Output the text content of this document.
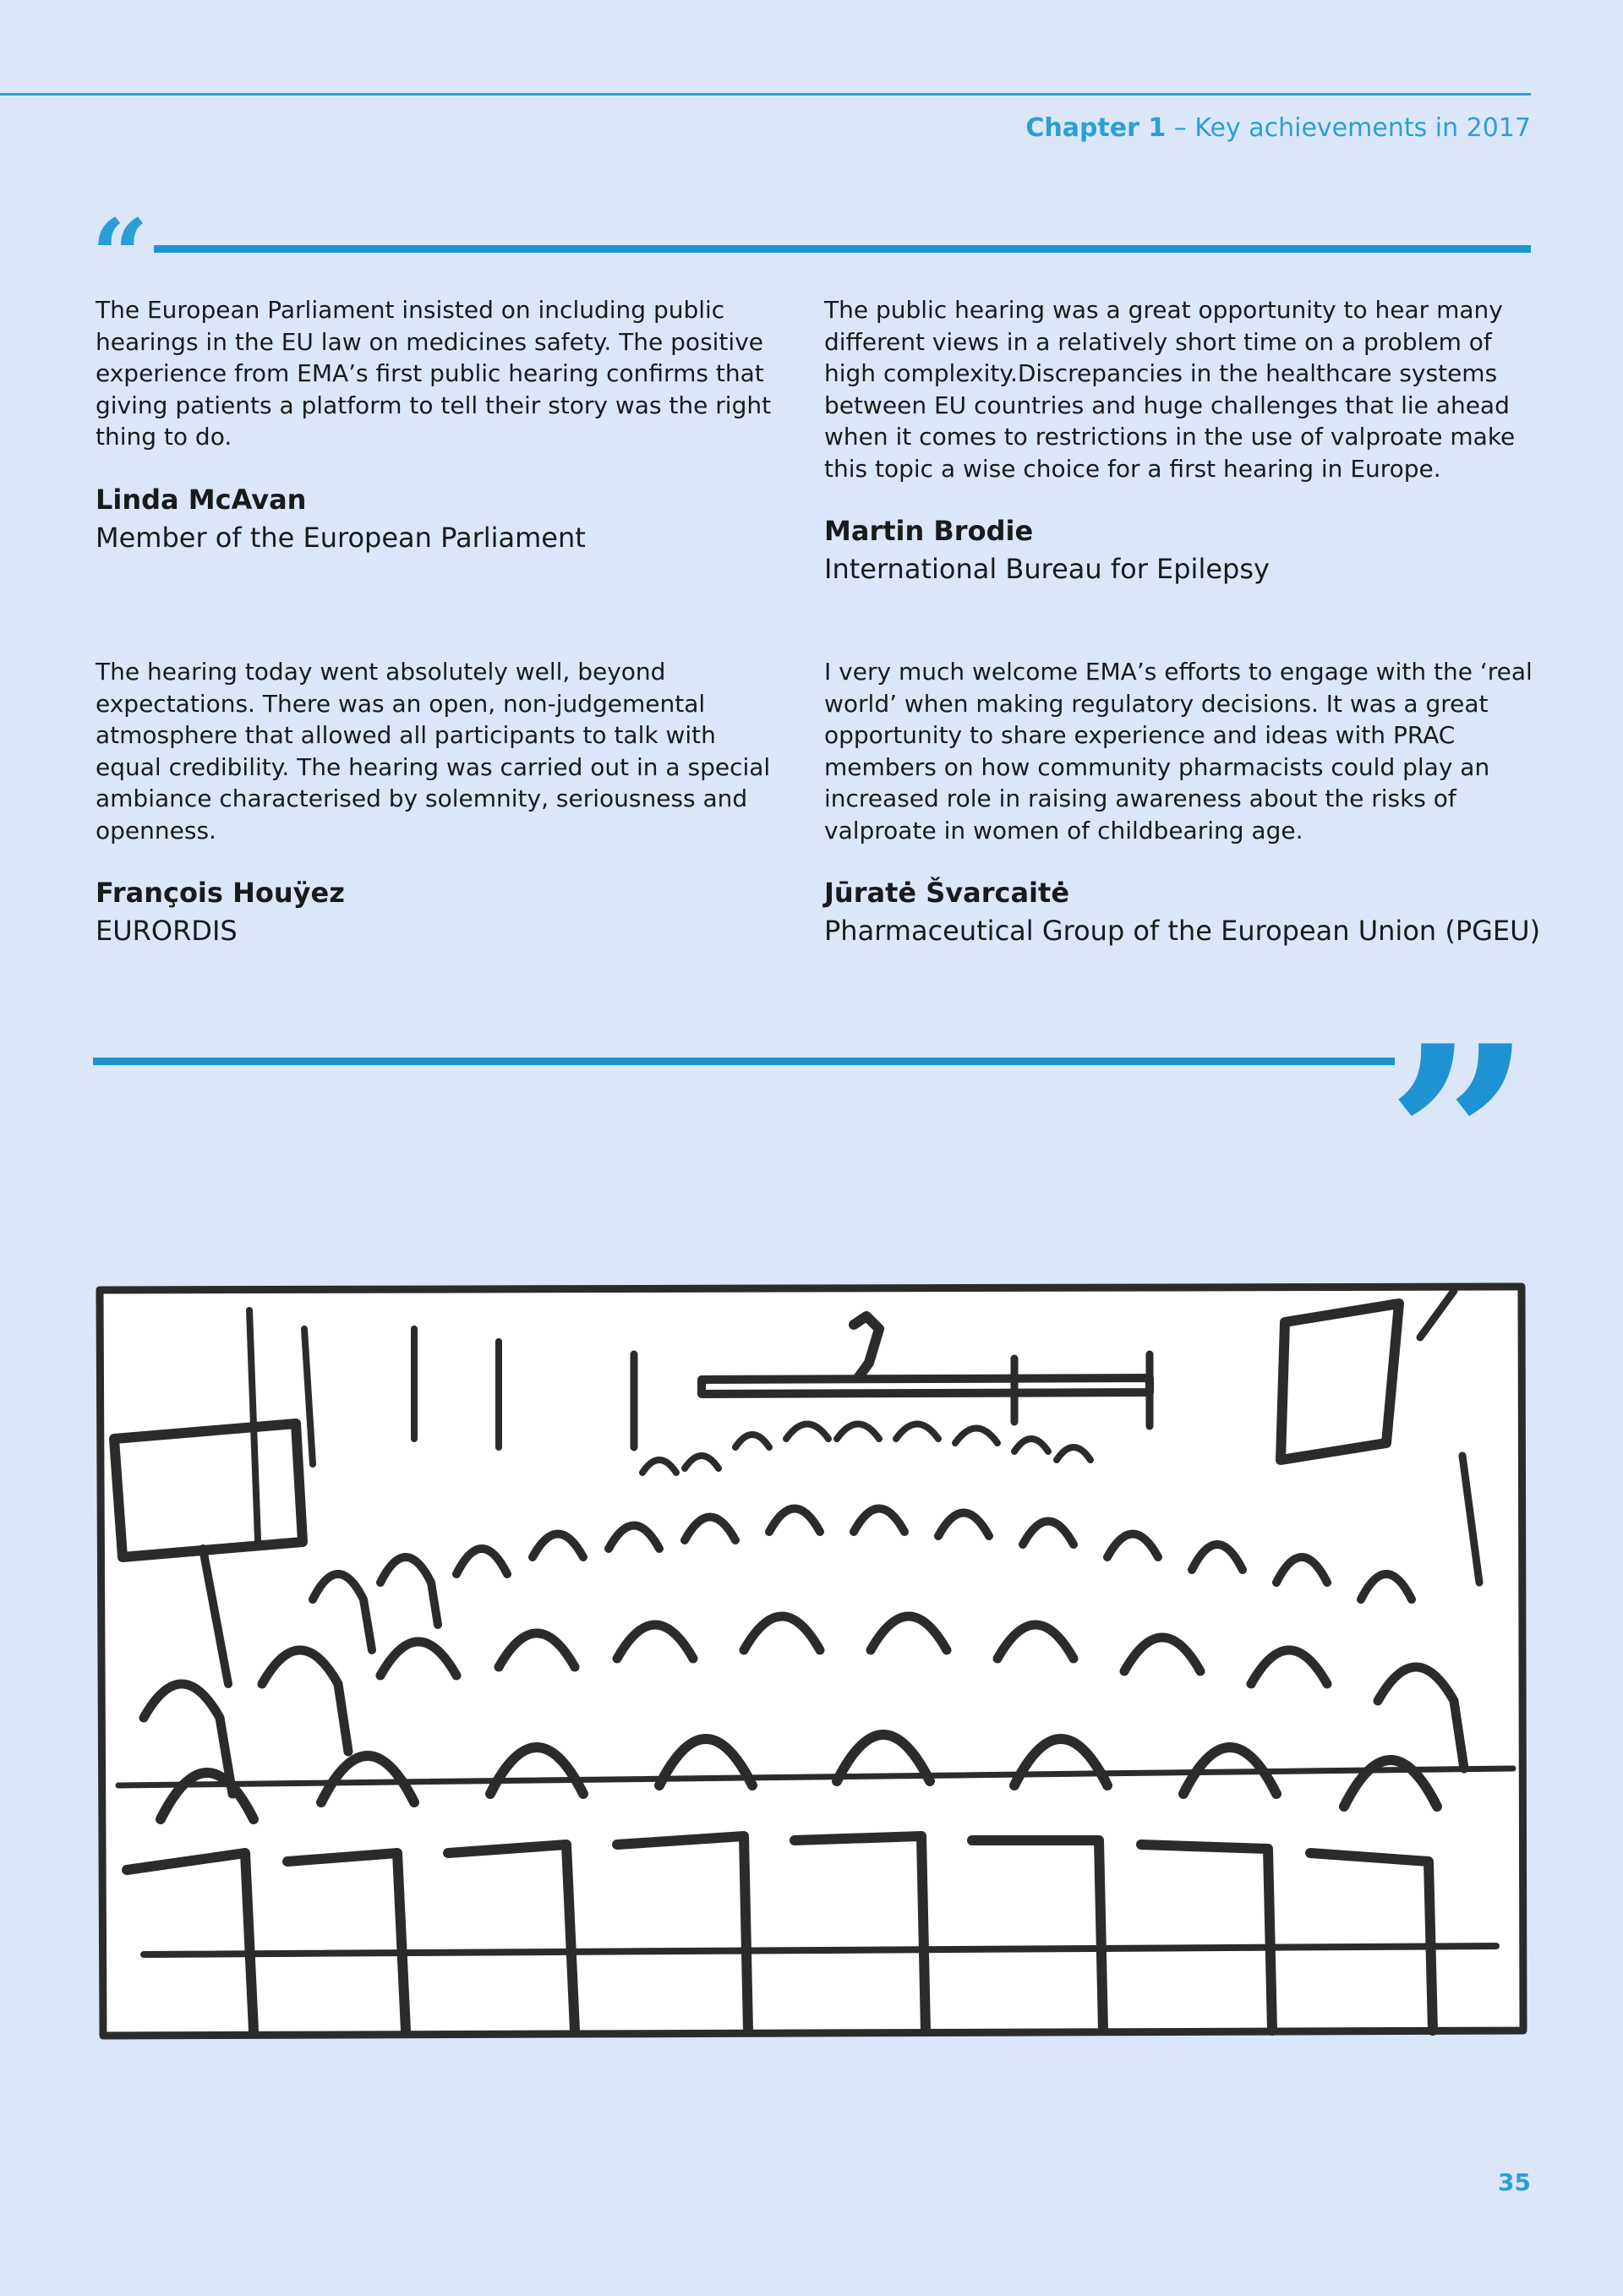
Chapter 1 – Key achievements in 2017
“

The European Parliament insisted on including public hearings in the EU law on medicines safety. The positive experience from EMA’s first public hearing confirms that giving patients a platform to tell their story was the right thing to do.

Linda McAvan

Member of the European Parliament

The public hearing was a great opportunity to hear many different views in a relatively short time on a problem of high complexity.Discrepancies in the healthcare systems between EU countries and huge challenges that lie ahead when it comes to restrictions in the use of valproate make this topic a wise choice for a first hearing in Europe.

Martin Brodie

International Bureau for Epilepsy

The hearing today went absolutely well, beyond expectations. There was an open, non-judgemental atmosphere that allowed all participants to talk with equal credibility. The hearing was carried out in a special ambiance characterised by solemnity, seriousness and openness.

François Houÿez

EURORDIS

I very much welcome EMA’s efforts to engage with the ‘real world’ when making regulatory decisions. It was a great opportunity to share experience and ideas with PRAC members on how community pharmacists could play an increased role in raising awareness about the risks of valproate in women of childbearing age.

Jūratė Švarcaitė

Pharmaceutical Group of the European Union (PGEU)

”
35
